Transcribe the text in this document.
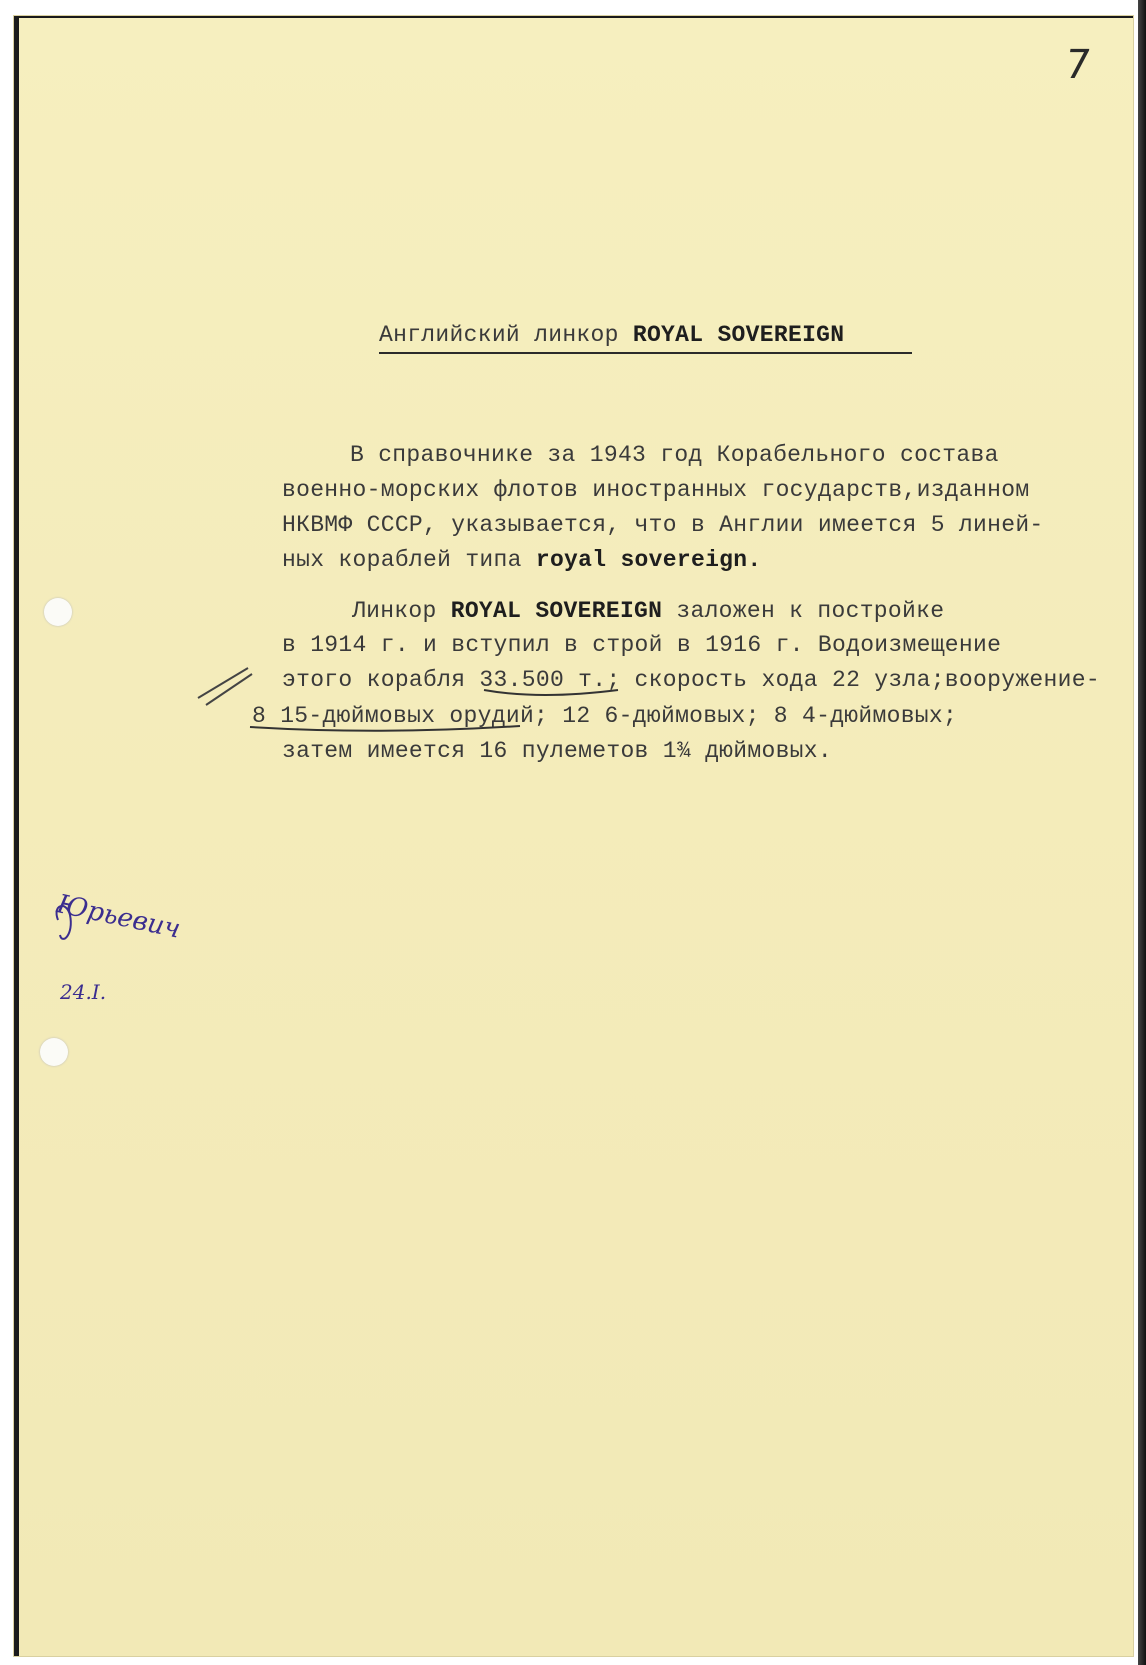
7
Английский линкор ROYAL SOVEREIGN
В справочнике за 1943 год Корабельного состава
военно-морских флотов иностранных государств,изданном
НКВМФ СССР, указывается, что в Англии имеется 5 линей-
ных кораблей типа royal sovereign.
Линкор ROYAL SOVEREIGN заложен к постройке
в 1914 г. и вступил в строй в 1916 г. Водоизмещение
этого корабля 33.500 т.; скорость хода 22 узла;вооружение-
8 15-дюймовых орудий; 12 6-дюймовых; 8 4-дюймовых;
затем имеется 16 пулеметов 1¾ дюймовых.
Юрьевич
24.I.
